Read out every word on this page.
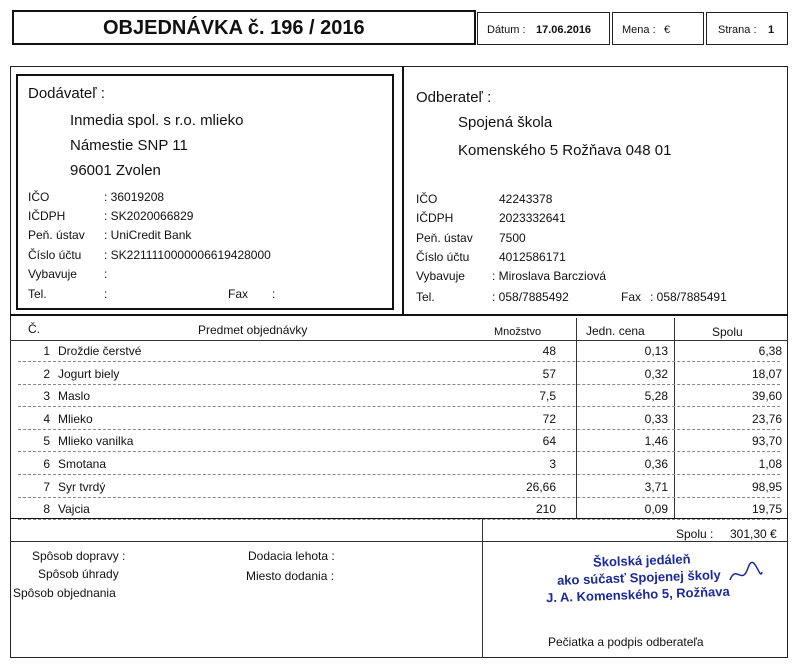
OBJEDNÁVKA č. 196 / 2016	Dátum : 17.06.2016	Mena : €	Strana : 1
Dodávateľ :
Inmedia spol. s r.o. mlieko
Námestie SNP 11
96001 Zvolen
IČO	: 36019208
IČDPH	: SK2020066829
Peň. ústav : UniCredit Bank
Číslo účtu : SK2211110000006619428000
Vybavuje :
Tel.	:	Fax :
Odberateľ :
Spojená škola
Komenského 5 Rožňava 048 01
IČO	42243378
IČDPH	2023332641
Peň. ústav 7500
Číslo účtu 4012586171
Vybavuje : Miroslava Barcziová
Tel.	: 058/7885492	Fax : 058/7885491
Č.	Predmet objednávky	Množstvo	Jedn. cena	Spolu
1 Droždie čerstvé	48	0,13	6,38
2 Jogurt biely	57	0,32	18,07
3 Maslo	7,5	5,28	39,60
4 Mlieko	72	0,33	23,76
5 Mlieko vanilka	64	1,46	93,70
6 Smotana	3	0,36	1,08
7 Syr tvrdý	26,66	3,71	98,95
8 Vajcia	210	0,09	19,75
Spolu : 301,30 €
Spôsob dopravy :
Spôsob úhrady
Spôsob objednania
Dodacia lehota :
Miesto dodania :
Školská jedáleň
ako súčasť Spojenej školy
J. A. Komenského 5, Rožňava
Pečiatka a podpis odberateľa
